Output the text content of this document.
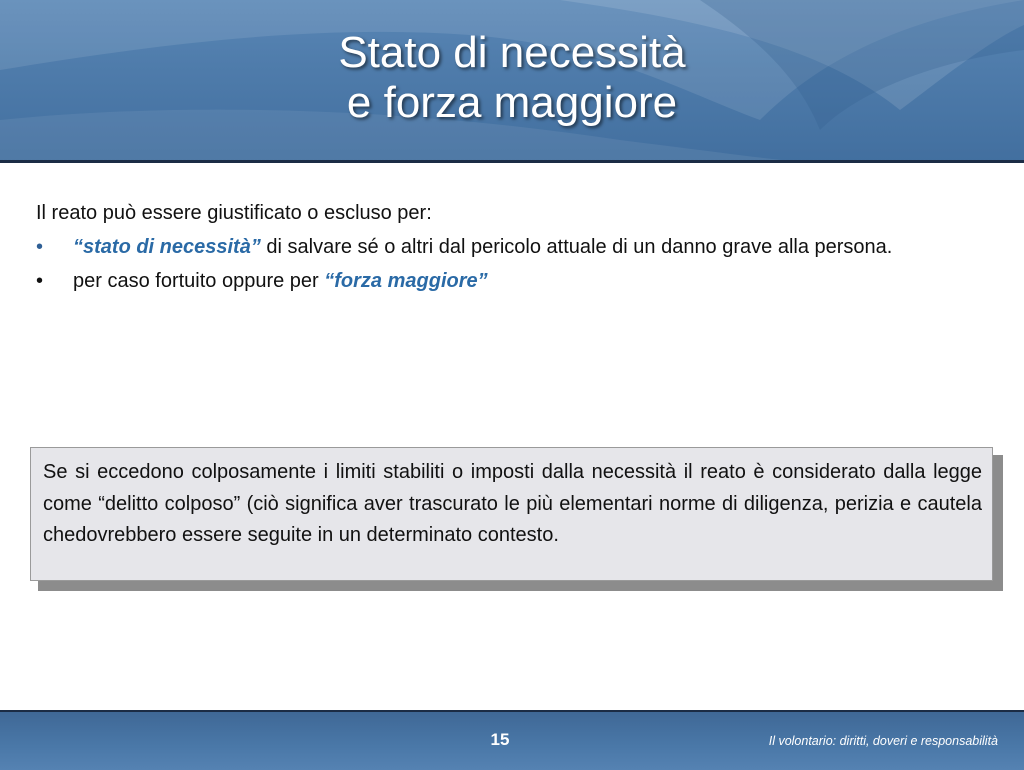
Stato di necessità
e forza maggiore

Il reato può essere giustificato o escluso per:

•	“stato di necessità” di salvare sé o altri dal pericolo attuale di un danno grave alla persona.
•	per caso fortuito oppure per “forza maggiore”
Se si eccedono colposamente i limiti stabiliti o imposti dalla necessità il reato è considerato dalla legge come “delitto colposo” (ciò significa aver trascurato le più elementari norme di diligenza, perizia e cautela chedovrebbero essere seguite in un determinato contesto.
15	Il volontario: diritti, doveri e responsabilità
